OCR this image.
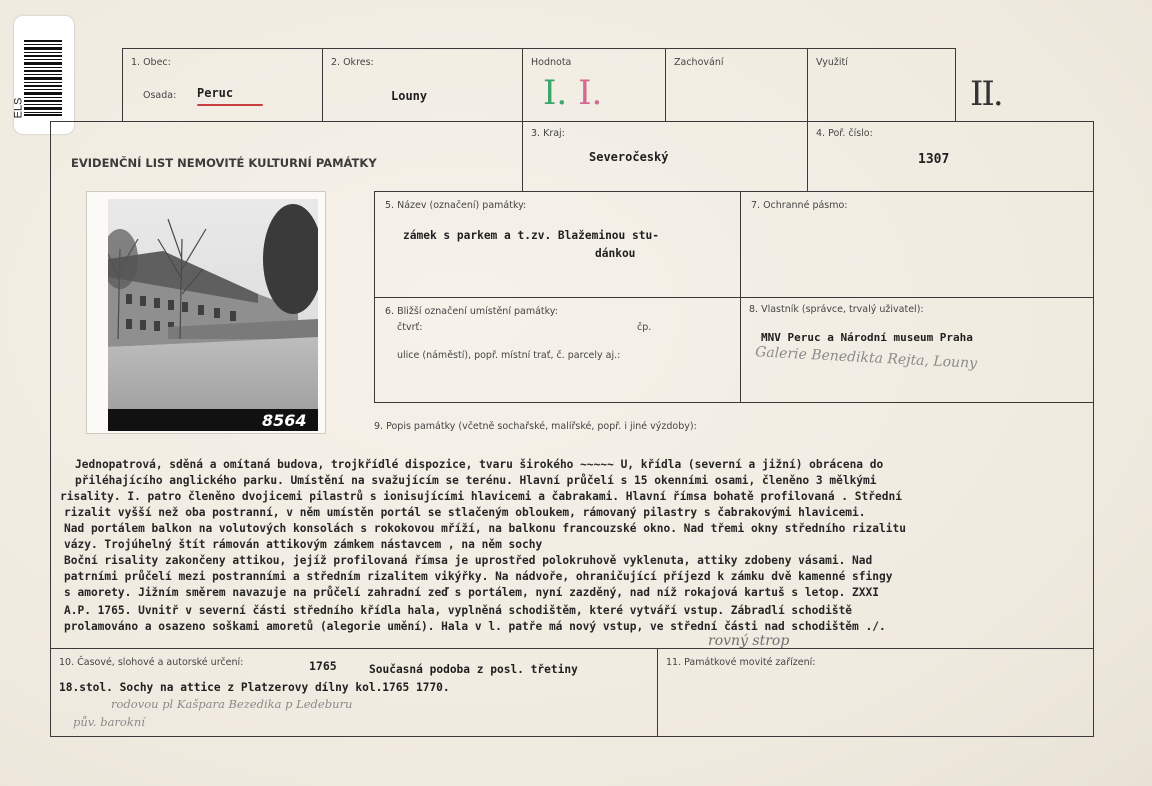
ELS
1. Obec:
Osada: Peruc
2. Okres:
Louny
Hodnota
I. I.
Zachování	Využití
II.
EVIDENČNÍ LIST NEMOVITÉ KULTURNÍ PAMÁTKY
3. Kraj:
Severočeský
4. Poř. číslo:
1307
8564
5. Název (označení) památky:
zámek s parkem a t.zv. Blažeminou stu-
dánkou
7. Ochranné pásmo:
6. Bližší označení umístění památky:
čtvrť:	čp.
ulice (náměstí), popř. místní trať, č. parcely aj.:
8. Vlastník (správce, trvalý uživatel):
MNV Peruc a Národní museum Praha
Galerie Benedikta Rejta, Louny
9. Popis památky (včetně sochařské, malířské, popř. i jiné výzdoby):
Jednopatrová, sděná a omítaná budova, trojkřídlé dispozice, tvaru širokého ~~~~~ U, křídla (severní a jižní) obrácena do
přiléhajícího anglického parku. Umístění na svažujícím se terénu. Hlavní průčelí s 15 okenními osami, členěno 3 mělkými
risality. I. patro členěno dvojicemi pilastrů s ionisujícími hlavicemi a čabrakami. Hlavní římsa bohatě profilovaná . Střední
rizalit vyšší než oba postranní, v něm umístěn portál se stlačeným obloukem, rámovaný pilastry s čabrakovými hlavicemi.
Nad portálem balkon na volutových konsolách s rokokovou mříží, na balkonu francouzské okno. Nad třemi okny středního rizalitu
vázy. Trojúhelný štít rámován attikovým zámkem nástavcem , na něm sochy
Boční risality zakončeny attikou, jejíž profilovaná římsa je uprostřed polokruhově vyklenuta, attiky zdobeny vásami. Nad
patrními průčelí mezi postranními a středním rizalitem vikýřky. Na nádvoře, ohraničující příjezd k zámku dvě kamenné sfingy
s amorety. Jižním směrem navazuje na průčelí zahradní zeď s portálem, nyní zazděný, nad níž rokajová kartuš s letop. ZXXI
A.P. 1765. Uvnitř v severní části středního křídla hala, vyplněná schodištěm, které vytváří vstup. Zábradlí schodiště
prolamováno a osazeno soškami amoretů (alegorie umění). Hala v l. patře má nový vstup, ve střední části nad schodištěm ./.
rovný strop
10. Časové, slohové a autorské určení:	1765	Současná podoba z posl. třetiny
18.stol. Sochy na attice z Platzerovy dílny kol.1765 1770.
rodovou pl Kašpara Bezedika p Ledeburu
pův. barokní
11. Památkové movité zařízení:
